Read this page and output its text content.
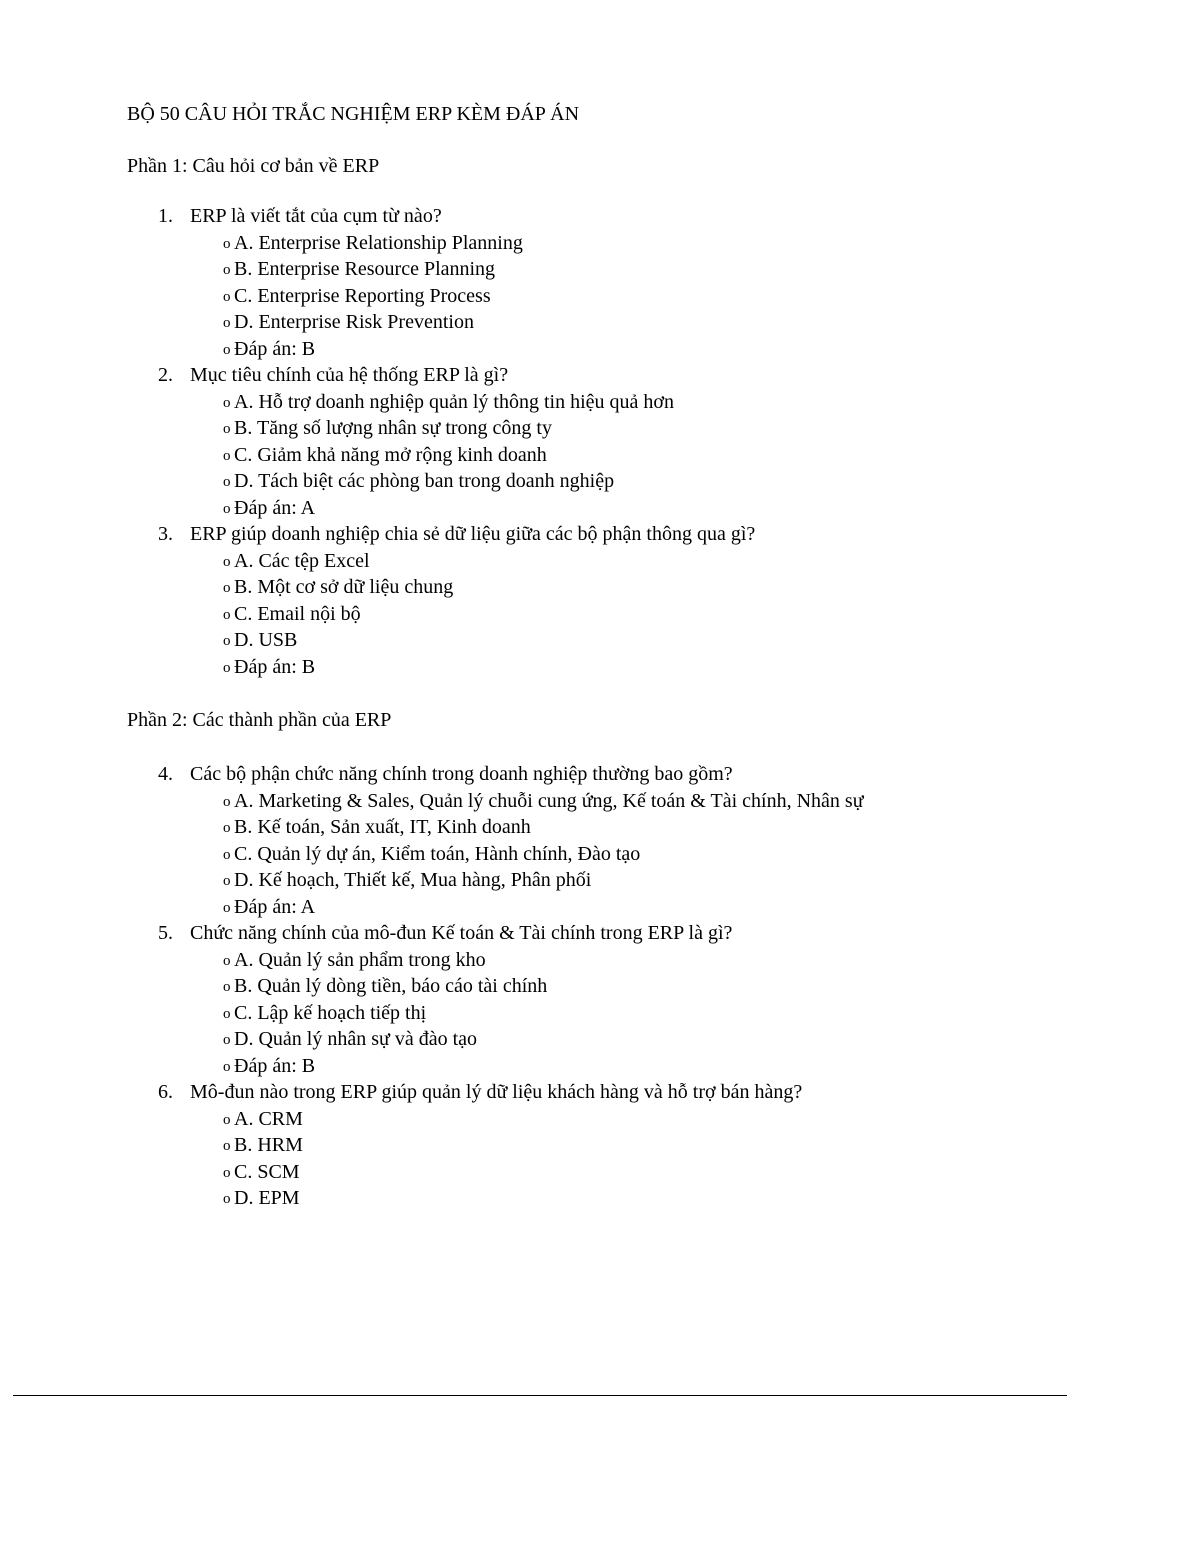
BỘ 50 CÂU HỎI TRẮC NGHIỆM ERP KÈM ĐÁP ÁN
Phần 1: Câu hỏi cơ bản về ERP
1. ERP là viết tắt của cụm từ nào?
o A. Enterprise Relationship Planning
o B. Enterprise Resource Planning
o C. Enterprise Reporting Process
o D. Enterprise Risk Prevention
o Đáp án: B
2. Mục tiêu chính của hệ thống ERP là gì?
o A. Hỗ trợ doanh nghiệp quản lý thông tin hiệu quả hơn
o B. Tăng số lượng nhân sự trong công ty
o C. Giảm khả năng mở rộng kinh doanh
o D. Tách biệt các phòng ban trong doanh nghiệp
o Đáp án: A
3. ERP giúp doanh nghiệp chia sẻ dữ liệu giữa các bộ phận thông qua gì?
o A. Các tệp Excel
o B. Một cơ sở dữ liệu chung
o C. Email nội bộ
o D. USB
o Đáp án: B
Phần 2: Các thành phần của ERP
4. Các bộ phận chức năng chính trong doanh nghiệp thường bao gồm?
o A. Marketing & Sales, Quản lý chuỗi cung ứng, Kế toán & Tài chính, Nhân sự
o B. Kế toán, Sản xuất, IT, Kinh doanh
o C. Quản lý dự án, Kiểm toán, Hành chính, Đào tạo
o D. Kế hoạch, Thiết kế, Mua hàng, Phân phối
o Đáp án: A
5. Chức năng chính của mô-đun Kế toán & Tài chính trong ERP là gì?
o A. Quản lý sản phẩm trong kho
o B. Quản lý dòng tiền, báo cáo tài chính
o C. Lập kế hoạch tiếp thị
o D. Quản lý nhân sự và đào tạo
o Đáp án: B
6. Mô-đun nào trong ERP giúp quản lý dữ liệu khách hàng và hỗ trợ bán hàng?
o A. CRM
o B. HRM
o C. SCM
o D. EPM
